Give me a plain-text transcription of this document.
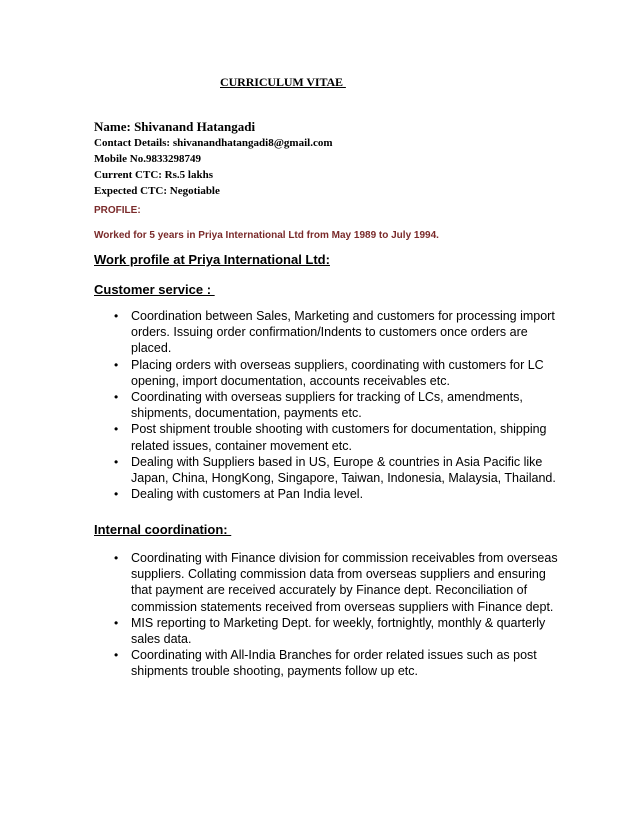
CURRICULUM VITAE
Name: Shivanand Hatangadi
Contact Details: shivanandhatangadi8@gmail.com
Mobile No.9833298749
Current CTC: Rs.5 lakhs
Expected CTC: Negotiable
PROFILE:
Worked for 5 years in Priya International Ltd from May 1989 to July 1994.
Work profile at Priya International Ltd:
Customer service :
• Coordination between Sales, Marketing and customers for processing import orders. Issuing order confirmation/Indents to customers once orders are placed.
• Placing orders with overseas suppliers, coordinating with customers for LC opening, import documentation, accounts receivables etc.
• Coordinating with overseas suppliers for tracking of LCs, amendments, shipments, documentation, payments etc.
• Post shipment trouble shooting with customers for documentation, shipping related issues, container movement etc.
• Dealing with Suppliers based in US, Europe & countries in Asia Pacific like Japan, China, HongKong, Singapore, Taiwan, Indonesia, Malaysia, Thailand.
• Dealing with customers at Pan India level.
Internal coordination:
• Coordinating with Finance division for commission receivables from overseas suppliers. Collating commission data from overseas suppliers and ensuring that payment are received accurately by Finance dept. Reconciliation of commission statements received from overseas suppliers with Finance dept.
• MIS reporting to Marketing Dept. for weekly, fortnightly, monthly & quarterly sales data.
• Coordinating with All-India Branches for order related issues such as post shipments trouble shooting, payments follow up etc.
